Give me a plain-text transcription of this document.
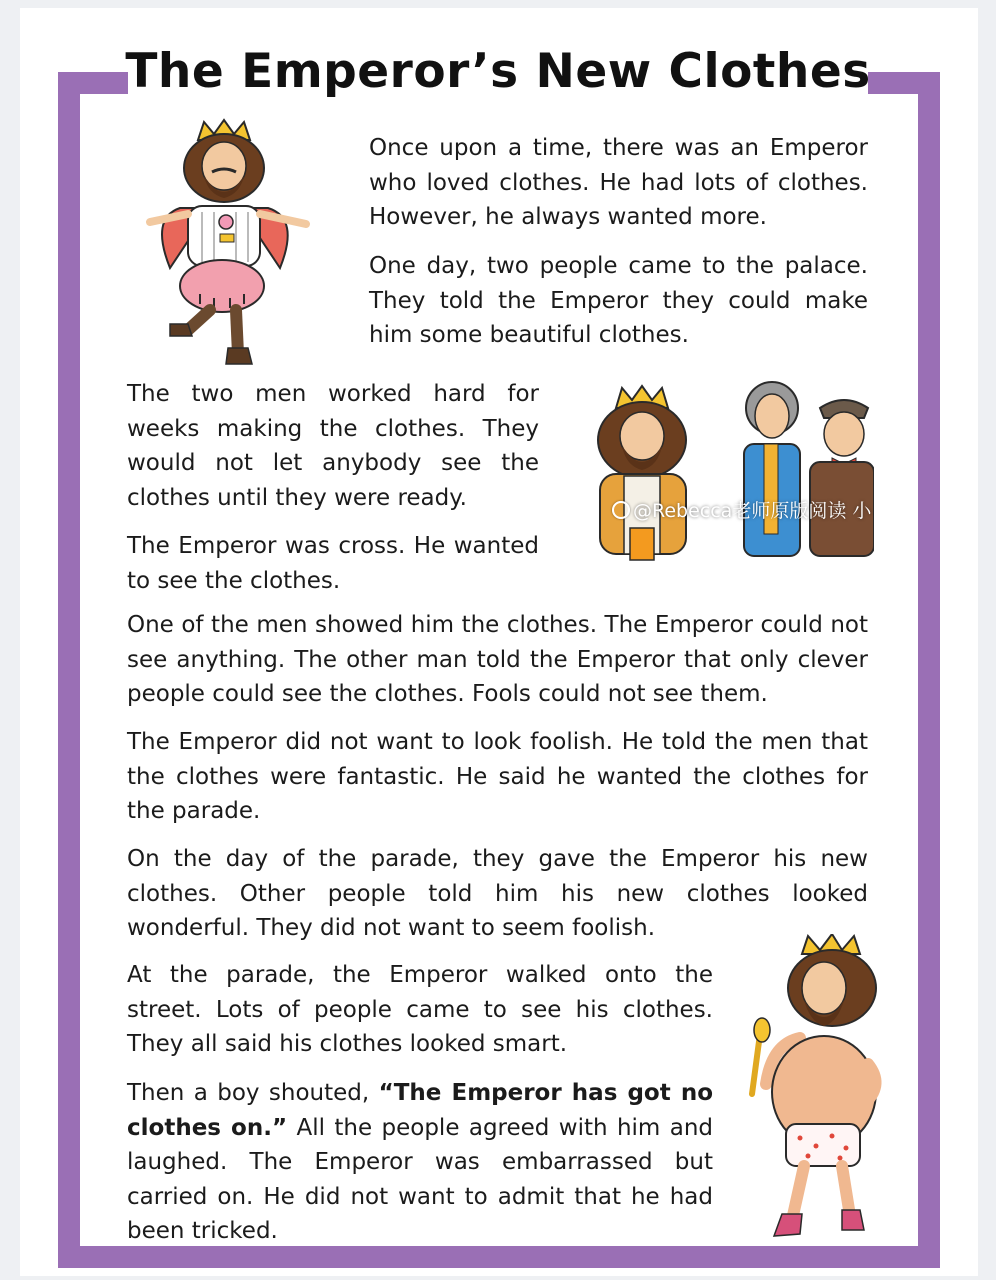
The Emperor’s New Clothes
@Rebecca老师原版阅读 小

Once upon a time, there was an Emperor who loved clothes. He had lots of clothes. However, he always wanted more.

One day, two people came to the palace. They told the Emperor they could make him some beautiful clothes.

The two men worked hard for weeks making the clothes. They would not let anybody see the clothes until they were ready.

The Emperor was cross. He wanted to see the clothes.

One of the men showed him the clothes. The Emperor could not see anything. The other man told the Emperor that only clever people could see the clothes. Fools could not see them.

The Emperor did not want to look foolish. He told the men that the clothes were fantastic. He said he wanted the clothes for the parade.

On the day of the parade, they gave the Emperor his new clothes. Other people told him his new clothes looked wonderful. They did not want to seem foolish.

At the parade, the Emperor walked onto the street. Lots of people came to see his clothes. They all said his clothes looked smart.

Then a boy shouted, “The Emperor has got no clothes on.” All the people agreed with him and laughed. The Emperor was embarrassed but carried on. He did not want to admit that he had been tricked.
